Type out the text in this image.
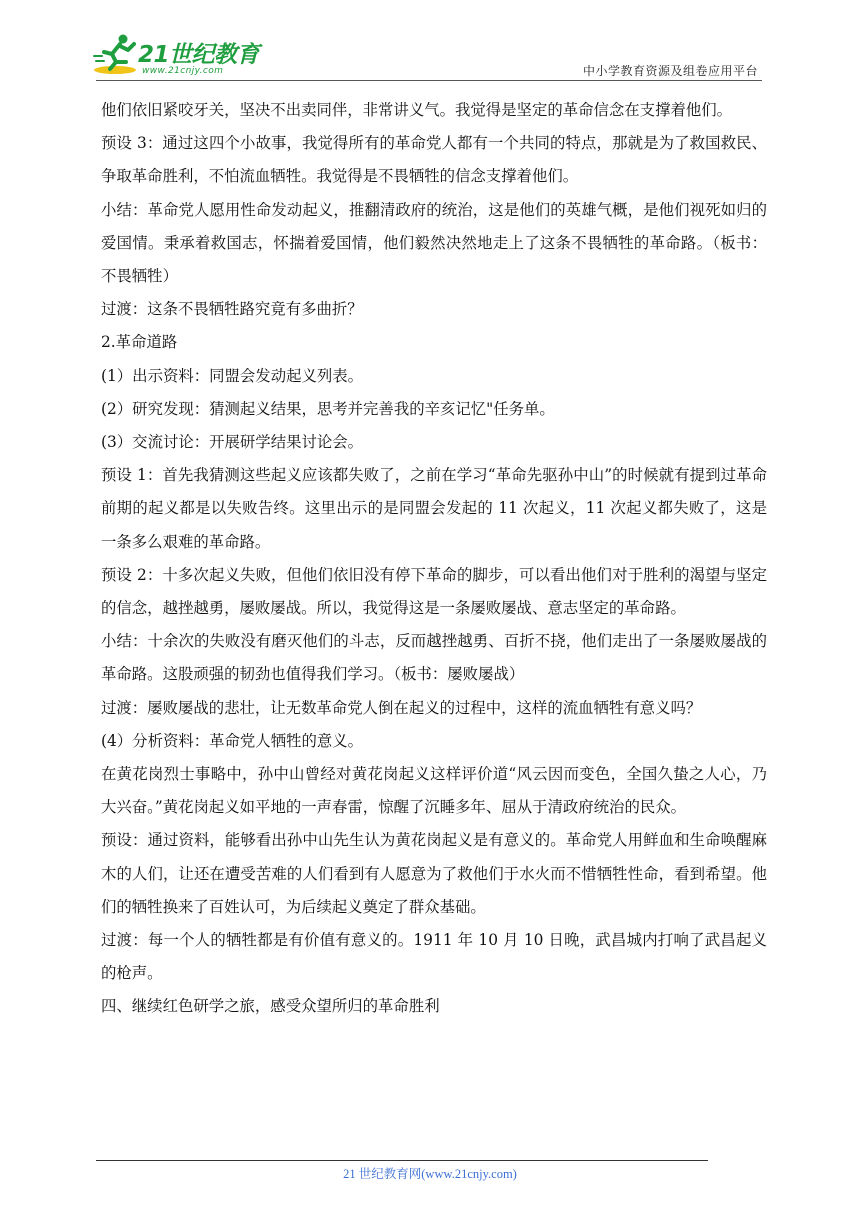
21世纪教育
www.21cnjy.com	中小学教育资源及组卷应用平台

他们依旧紧咬牙关，坚决不出卖同伴，非常讲义气。我觉得是坚定的革命信念在支撑着他们。

预设 3：通过这四个小故事，我觉得所有的革命党人都有一个共同的特点，那就是为了救国救民、争取革命胜利，不怕流血牺牲。我觉得是不畏牺牲的信念支撑着他们。

小结：革命党人愿用性命发动起义，推翻清政府的统治，这是他们的英雄气概，是他们视死如归的爱国情。秉承着救国志，怀揣着爱国情，他们毅然决然地走上了这条不畏牺牲的革命路。（板书：不畏牺牲）

过渡：这条不畏牺牲路究竟有多曲折？

2.革命道路

(1）出示资料：同盟会发动起义列表。

(2）研究发现：猜测起义结果，思考并完善我的辛亥记忆"任务单。

(3）交流讨论：开展研学结果讨论会。

预设 1：首先我猜测这些起义应该都失败了，之前在学习“革命先驱孙中山”的时候就有提到过革命前期的起义都是以失败告终。这里出示的是同盟会发起的 11 次起义，11 次起义都失败了，这是一条多么艰难的革命路。

预设 2：十多次起义失败，但他们依旧没有停下革命的脚步，可以看出他们对于胜利的渴望与坚定的信念，越挫越勇，屡败屡战。所以，我觉得这是一条屡败屡战、意志坚定的革命路。

小结：十余次的失败没有磨灭他们的斗志，反而越挫越勇、百折不挠，他们走出了一条屡败屡战的革命路。这股顽强的韧劲也值得我们学习。（板书：屡败屡战）

过渡：屡败屡战的悲壮，让无数革命党人倒在起义的过程中，这样的流血牺牲有意义吗？

(4）分析资料：革命党人牺牲的意义。

在黄花岗烈士事略中，孙中山曾经对黄花岗起义这样评价道“风云因而变色，全国久蛰之人心，乃大兴奋。”黄花岗起义如平地的一声春雷，惊醒了沉睡多年、屈从于清政府统治的民众。

预设：通过资料，能够看出孙中山先生认为黄花岗起义是有意义的。革命党人用鲜血和生命唤醒麻木的人们，让还在遭受苦难的人们看到有人愿意为了救他们于水火而不惜牺牲性命，看到希望。他们的牺牲换来了百姓认可，为后续起义奠定了群众基础。

过渡：每一个人的牺牲都是有价值有意义的。1911 年 10 月 10 日晚，武昌城内打响了武昌起义的枪声。

四、继续红色研学之旅，感受众望所归的革命胜利

21 世纪教育网(www.21cnjy.com)
